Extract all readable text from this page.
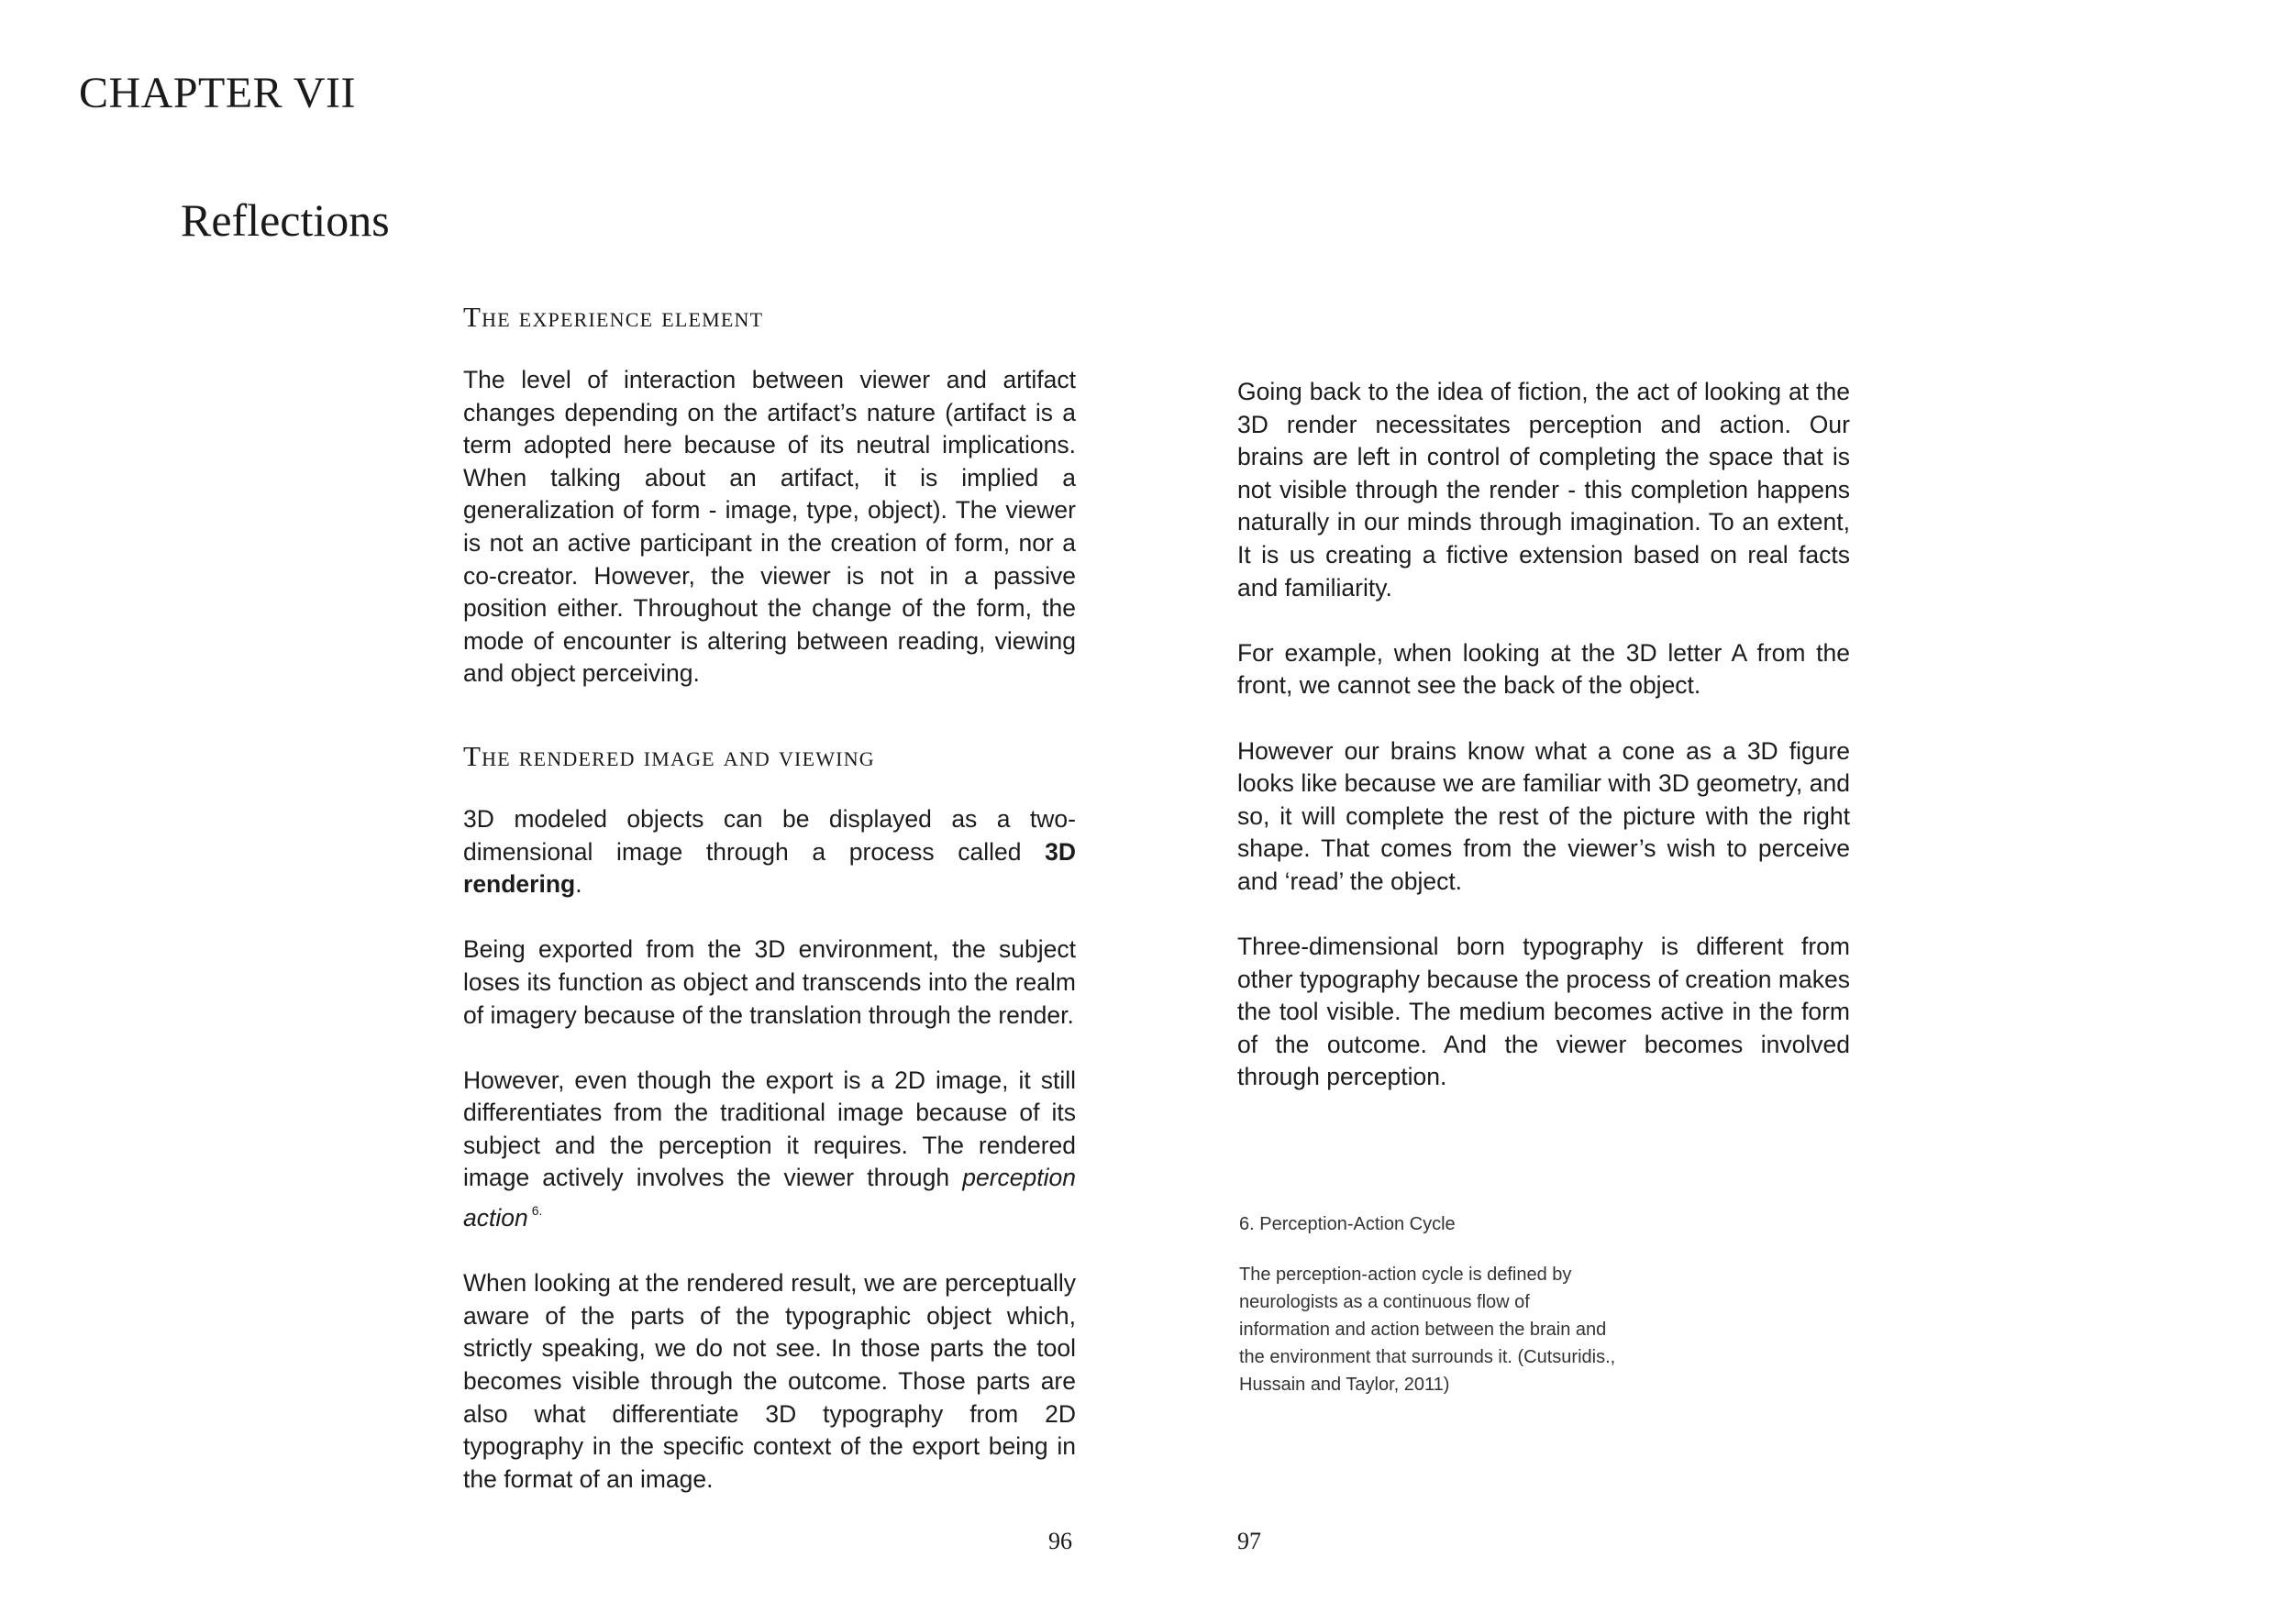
CHAPTER VII
Reflections
The experience element

The level of interaction between viewer and artifact changes depending on the artifact’s nature (artifact is a term adopted here because of its neutral implications. When talking about an artifact, it is implied a generalization of form - image, type, object). The viewer is not an active participant in the creation of form, nor a co-creator. However, the viewer is not in a passive position either. Throughout the change of the form, the mode of encounter is altering between reading, viewing and object perceiving.

The rendered image and viewing

3D modeled objects can be displayed as a two-dimensional image through a process called 3D rendering.

Being exported from the 3D environment, the subject loses its function as object and transcends into the realm of imagery because of the translation through the render.

However, even though the export is a 2D image, it still differentiates from the traditional image because of its subject and the perception it requires. The rendered image actively involves the viewer through perception action $^{6.}$

When looking at the rendered result, we are perceptually aware of the parts of the typographic object which, strictly speaking, we do not see. In those parts the tool becomes visible through the outcome. Those parts are also what differentiate 3D typography from 2D typography in the specific context of the export being in the format of an image.

Going back to the idea of fiction, the act of looking at the 3D render necessitates perception and action. Our brains are left in control of completing the space that is not visible through the render - this completion happens naturally in our minds through imagination. To an extent, It is us creating a fictive extension based on real facts and familiarity.

For example, when looking at the 3D letter A from the front, we cannot see the back of the object.

However our brains know what a cone as a 3D figure looks like because we are familiar with 3D geometry, and so, it will complete the rest of the picture with the right shape. That comes from the viewer’s wish to perceive and ‘read’ the object.

Three-dimensional born typography is different from other typography because the process of creation makes the tool visible. The medium becomes active in the form of the outcome. And the viewer becomes involved through perception.

6. Perception-Action Cycle

The perception-action cycle is defined by neurologists as a continuous flow of information and action between the brain and the environment that surrounds it. (Cutsuridis., Hussain and Taylor, 2011)

96	97
